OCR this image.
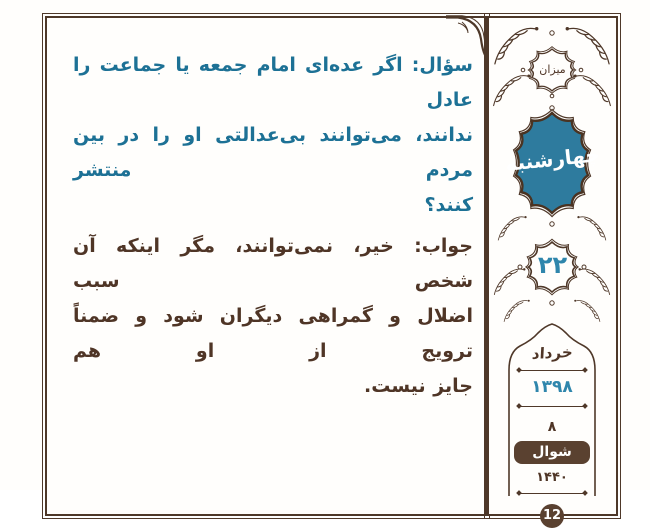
سؤال: اگر عده‌ای امام جمعه یا جماعت را عادل
ندانند، می‌توانند بی‌عدالتی او را در بین مردم منتشر
کنند؟
جواب: خیر، نمی‌توانند، مگر اینکه آن شخص سبب
اضلال و گمراهی دیگران شود و ضمناً ترویج از او هم
جایز نیست.
میزان
چهارشنبه
۲۲
خرداد
۱۳۹۸
۸
شوال
۱۴۴۰
12
